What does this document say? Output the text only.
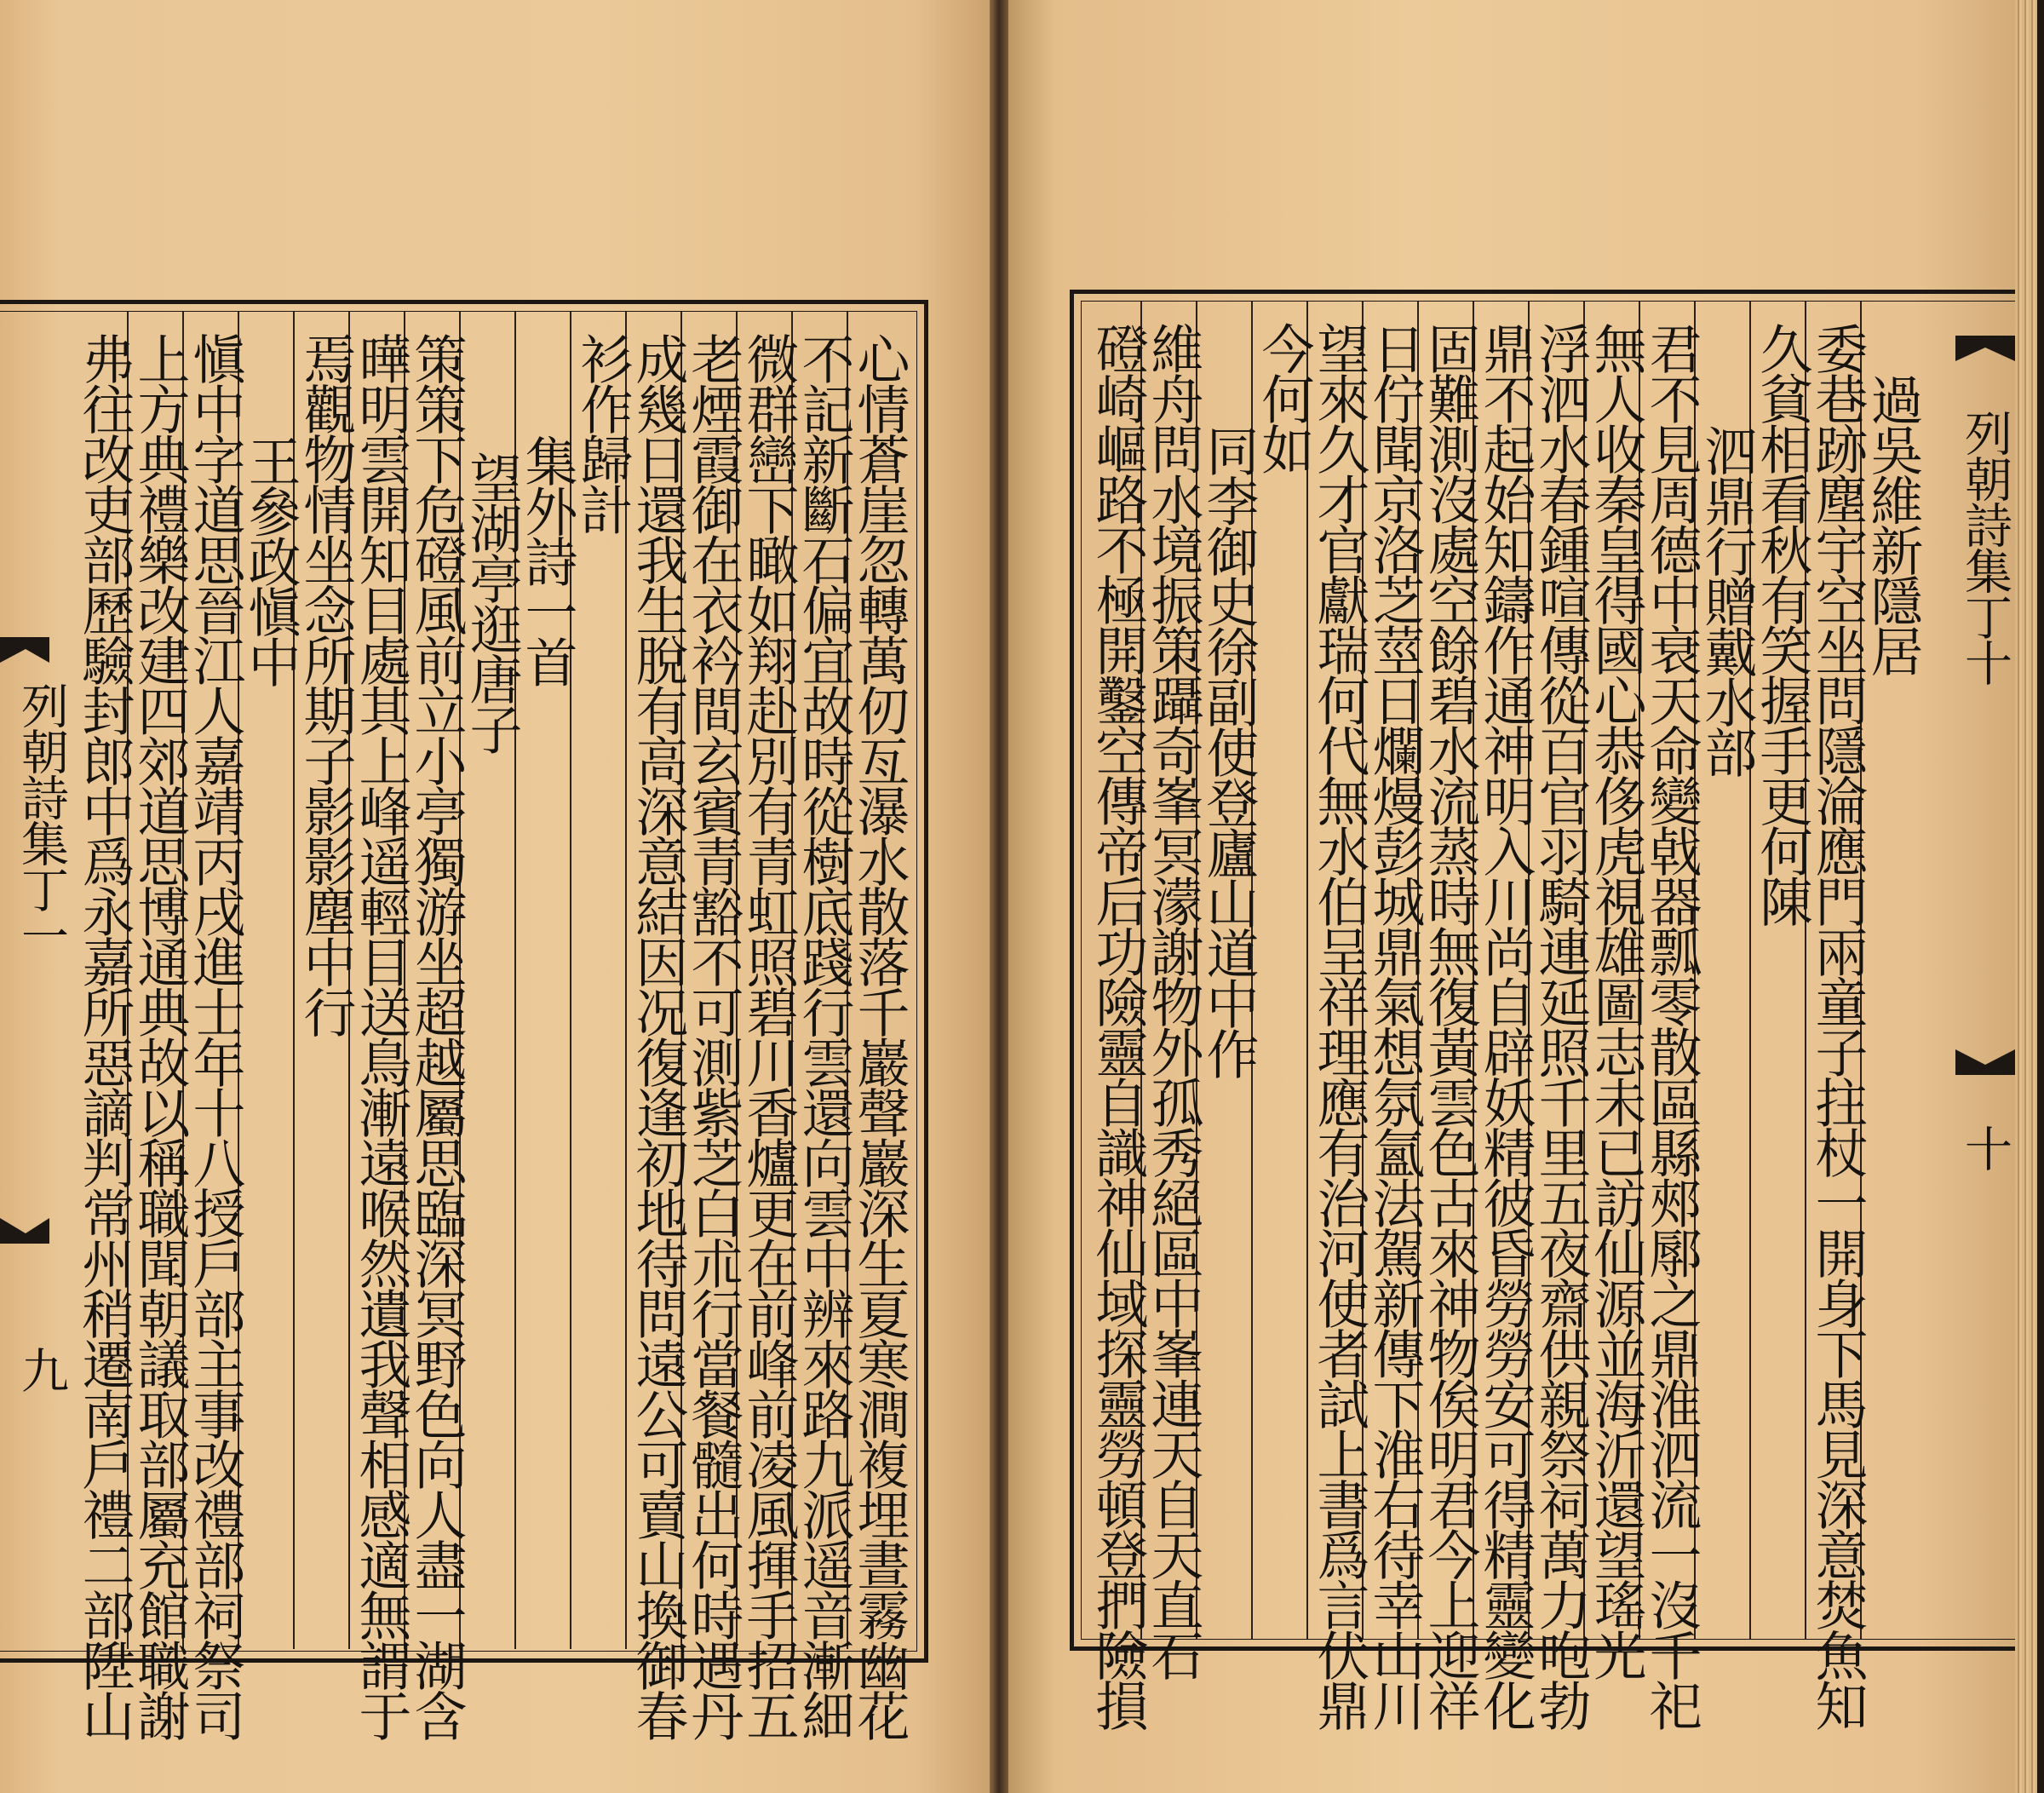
心情蒼崖忽轉萬仞亙瀑水散落千巖聲巖深生夏寒澗複埋晝霧幽花
不記新斷石偏宜故時從樹底踐行雲還向雲中辨來路九派遥音漸細
微群巒下瞰如翔赴別有青虹照碧川香爐更在前峰前凌風揮手招五
老煙霞御在衣衿間玄賓青豁不可測紫芝白朮行當餐髓出何時遇丹
成幾日還我生脫有高深意結因况復逢初地待問遠公可賣山換御春
衫作歸計
集外詩一首
望湖亭逛唐子
策策下危磴風前立小亭獨游坐超越屬思臨深冥野色向人盡一湖含
曄明雲開知目處其上峰遥輕目送鳥漸遠喉然遺我聲相感適無謂于
焉觀物情坐念所期子影影塵中行
王參政愼中
愼中字道思晉江人嘉靖丙戌進士年十八授戶部主事改禮部祠祭司
上方典禮樂改建四郊道思博通典故以稱職聞朝議取部屬充館職謝
弗往改吏部歷驗封郎中爲永嘉所惡謫判常州稍遷南戶禮二部陞山
列朝詩集丁一
九
過吳維新隱居
委巷跡塵宇空坐問隱淪應門兩童子拄杖一開身下馬見深意焚魚知
久貧相看秋有笑握手更何陳
泗鼎行贈戴水部
君不見周德中衰天命變㦸器瓢零散區縣郟鄏之鼎淮泗流一沒千祀
無人收秦皇得國心恭侈虎視雄圖志未已訪仙源並海沂還望瑤光
浮泗水春鍾喧傳從百官羽騎連延照千里五夜齋供親祭祠萬力咆勃
鼎不起始知鑄作通神明入川尚自辟妖精彼昏勞勞安可得精靈變化
固難測沒處空餘碧水流蒸時無復黃雲色古來神物俟明君今上迎祥
日佇聞京洛芝莖日爛熳彭城鼎氣想氛氳法駕新傳下淮右待幸山川
望來久才官獻瑞何代無水伯呈祥理應有治河使者試上書爲言伏鼎
今何如
同李御史徐副使登廬山道中作
維舟問水境振策躡奇峯冥濛謝物外孤秀絕區中峯連天自天直石
磴崎嶇路不極開鑿空傳帝后功險靈自識神仙域探靈勞頓登捫險損	列朝詩集丁十
十
